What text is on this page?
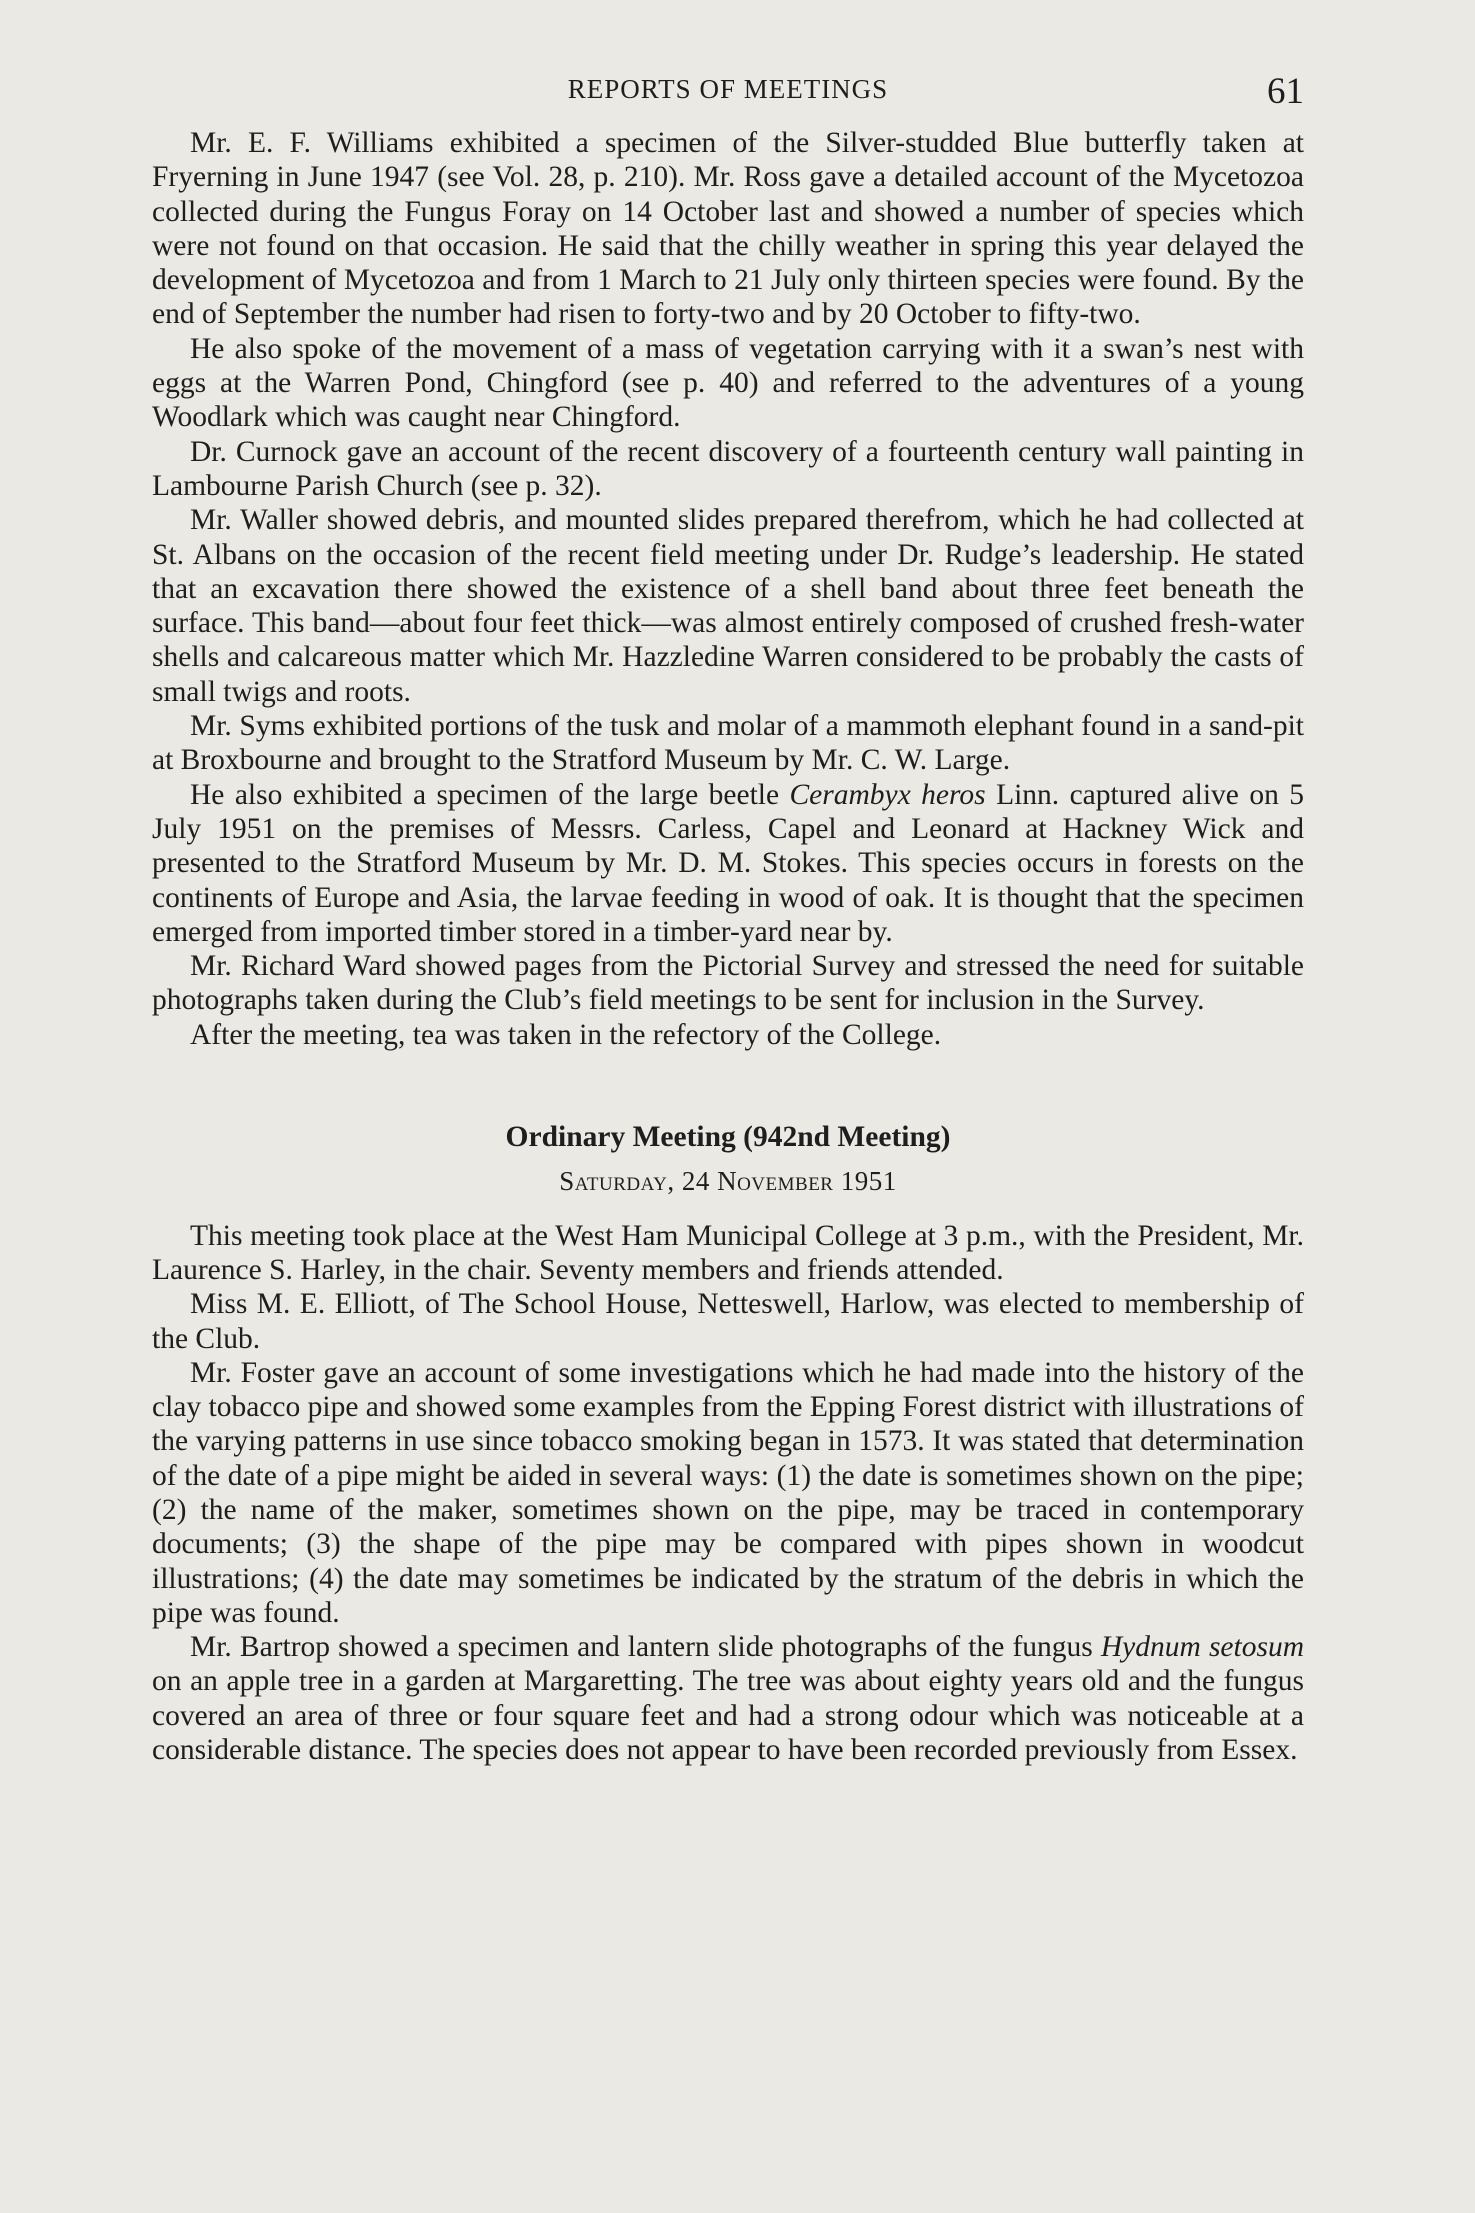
REPORTS OF MEETINGS	61

Mr. E. F. Williams exhibited a specimen of the Silver-studded Blue butterfly taken at Fryerning in June 1947 (see Vol. 28, p. 210). Mr. Ross gave a detailed account of the Mycetozoa collected during the Fungus Foray on 14 October last and showed a number of species which were not found on that occasion. He said that the chilly weather in spring this year delayed the development of Mycetozoa and from 1 March to 21 July only thirteen species were found. By the end of September the number had risen to forty-two and by 20 October to fifty-two.

He also spoke of the movement of a mass of vegetation carrying with it a swan’s nest with eggs at the Warren Pond, Chingford (see p. 40) and referred to the adventures of a young Woodlark which was caught near Chingford.

Dr. Curnock gave an account of the recent discovery of a fourteenth century wall painting in Lambourne Parish Church (see p. 32).

Mr. Waller showed debris, and mounted slides prepared therefrom, which he had collected at St. Albans on the occasion of the recent field meeting under Dr. Rudge’s leadership. He stated that an excavation there showed the existence of a shell band about three feet beneath the surface. This band—about four feet thick—was almost entirely composed of crushed fresh-water shells and calcareous matter which Mr. Hazzledine Warren considered to be probably the casts of small twigs and roots.

Mr. Syms exhibited portions of the tusk and molar of a mammoth elephant found in a sand-pit at Broxbourne and brought to the Stratford Museum by Mr. C. W. Large.

He also exhibited a specimen of the large beetle Cerambyx heros Linn. captured alive on 5 July 1951 on the premises of Messrs. Carless, Capel and Leonard at Hackney Wick and presented to the Stratford Museum by Mr. D. M. Stokes. This species occurs in forests on the continents of Europe and Asia, the larvae feeding in wood of oak. It is thought that the specimen emerged from imported timber stored in a timber-yard near by.

Mr. Richard Ward showed pages from the Pictorial Survey and stressed the need for suitable photographs taken during the Club’s field meetings to be sent for inclusion in the Survey.

After the meeting, tea was taken in the refectory of the College.

Ordinary Meeting (942nd Meeting)

Saturday, 24 November 1951

This meeting took place at the West Ham Municipal College at 3 p.m., with the President, Mr. Laurence S. Harley, in the chair. Seventy members and friends attended.

Miss M. E. Elliott, of The School House, Netteswell, Harlow, was elected to membership of the Club.

Mr. Foster gave an account of some investigations which he had made into the history of the clay tobacco pipe and showed some examples from the Epping Forest district with illustrations of the varying patterns in use since tobacco smoking began in 1573. It was stated that determination of the date of a pipe might be aided in several ways: (1) the date is sometimes shown on the pipe; (2) the name of the maker, sometimes shown on the pipe, may be traced in contemporary documents; (3) the shape of the pipe may be compared with pipes shown in woodcut illustrations; (4) the date may sometimes be indicated by the stratum of the debris in which the pipe was found.

Mr. Bartrop showed a specimen and lantern slide photographs of the fungus Hydnum setosum on an apple tree in a garden at Margaretting. The tree was about eighty years old and the fungus covered an area of three or four square feet and had a strong odour which was noticeable at a considerable distance. The species does not appear to have been recorded previously from Essex.
